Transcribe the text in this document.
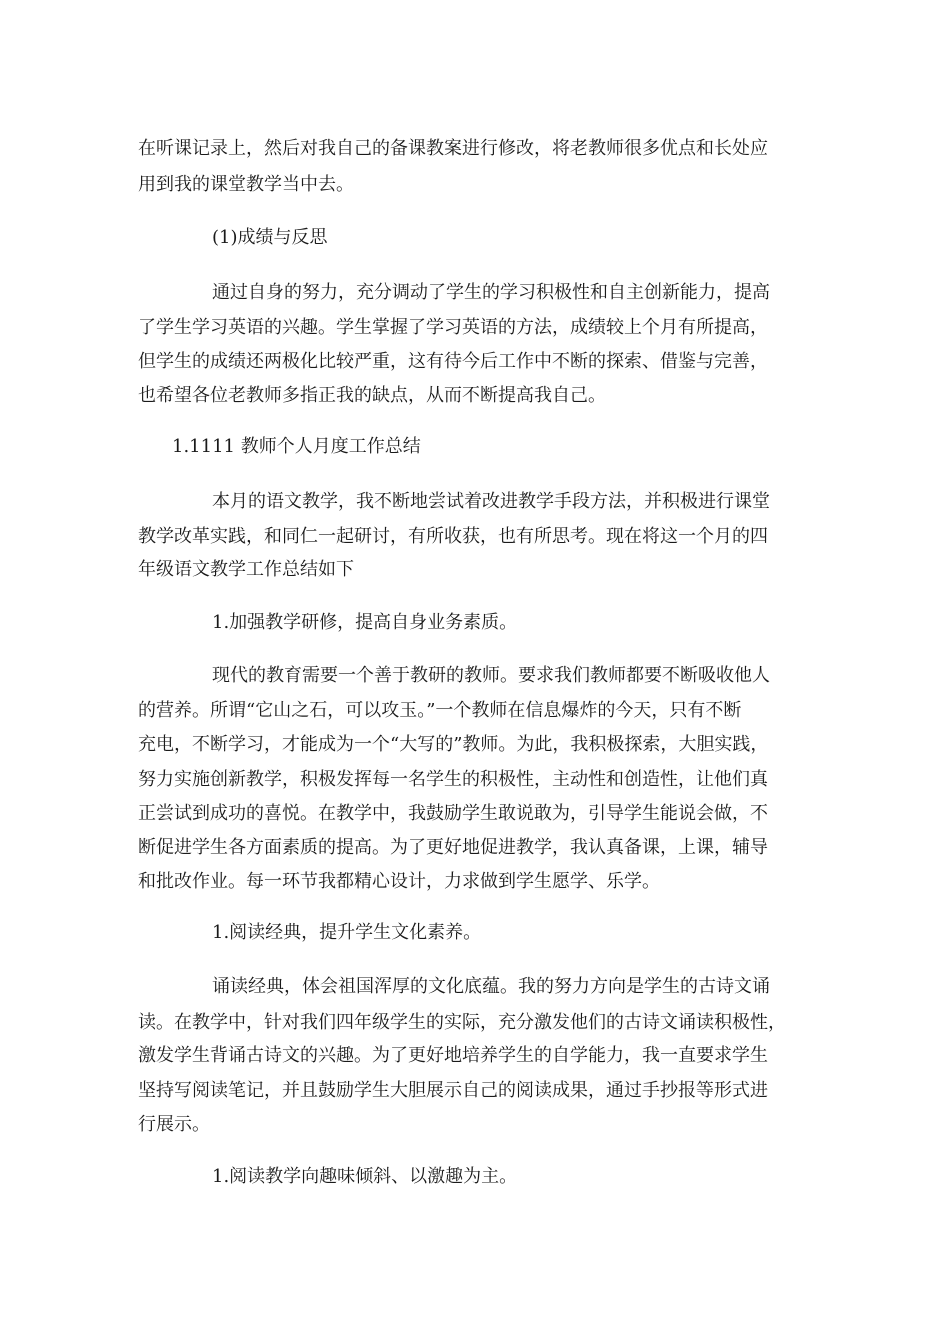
在听课记录上，然后对我自己的备课教案进行修改，将老教师很多优点和长处应
用到我的课堂教学当中去。
(1)成绩与反思
通过自身的努力，充分调动了学生的学习积极性和自主创新能力，提高
了学生学习英语的兴趣。学生掌握了学习英语的方法，成绩较上个月有所提高，
但学生的成绩还两极化比较严重，这有待今后工作中不断的探索、借鉴与完善，
也希望各位老教师多指正我的缺点，从而不断提高我自己。
1.1111 教师个人月度工作总结
本月的语文教学，我不断地尝试着改进教学手段方法，并积极进行课堂
教学改革实践，和同仁一起研讨，有所收获，也有所思考。现在将这一个月的四
年级语文教学工作总结如下
1.加强教学研修，提高自身业务素质。
现代的教育需要一个善于教研的教师。要求我们教师都要不断吸收他人
的营养。所谓“它山之石，可以攻玉。”一个教师在信息爆炸的今天，只有不断
充电，不断学习，才能成为一个“大写的”教师。为此，我积极探索，大胆实践，
努力实施创新教学，积极发挥每一名学生的积极性，主动性和创造性，让他们真
正尝试到成功的喜悦。在教学中，我鼓励学生敢说敢为，引导学生能说会做，不
断促进学生各方面素质的提高。为了更好地促进教学，我认真备课，上课，辅导
和批改作业。每一环节我都精心设计，力求做到学生愿学、乐学。
1.阅读经典，提升学生文化素养。
诵读经典，体会祖国浑厚的文化底蕴。我的努力方向是学生的古诗文诵
读。在教学中，针对我们四年级学生的实际，充分激发他们的古诗文诵读积极性，
激发学生背诵古诗文的兴趣。为了更好地培养学生的自学能力，我一直要求学生
坚持写阅读笔记，并且鼓励学生大胆展示自己的阅读成果，通过手抄报等形式进
行展示。
1.阅读教学向趣味倾斜、以激趣为主。
